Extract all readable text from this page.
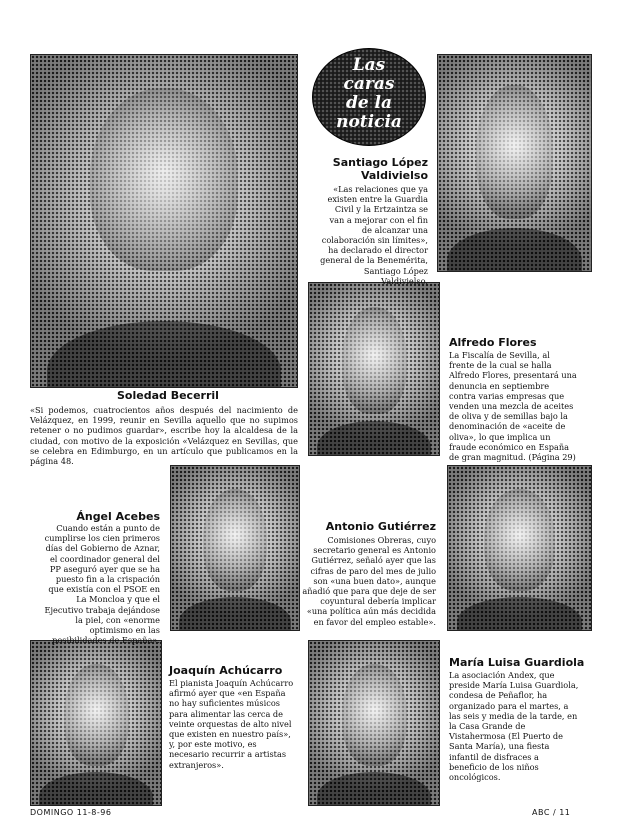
Las
caras
de la
noticia
Soledad Becerril

«Si podemos, cuatrocientos años después del nacimiento de Velázquez, en 1999, reunir en Sevilla aquello que no supimos retener o no pudimos guardar», escribe hoy la alcaldesa de la ciudad, con motivo de la exposición «Velázquez en Sevillas, que se celebra en Edimburgo, en un artículo que publicamos en la página 48.

Santiago López
Valdivielso

«Las relaciones que ya existen entre la Guardia Civil y la Ertzaintza se van a mejorar con el fin de alcanzar una colaboración sin límites», ha declarado el director general de la Benemérita, Santiago López Valdivielso.

Alfredo Flores

La Fiscalía de Sevilla, al frente de la cual se halla Alfredo Flores, presentará una denuncia en septiembre contra varias empresas que venden una mezcla de aceites de oliva y de semillas bajo la denominación de «aceite de oliva», lo que implica un fraude económico en España de gran magnitud. (Página 29)

Ángel Acebes

Cuando están a punto de cumplirse los cien primeros días del Gobierno de Aznar, el coordinador general del PP aseguró ayer que se ha puesto fin a la crispación que existía con el PSOE en La Moncloa y que el Ejecutivo trabaja dejándose la piel, con «enorme optimismo en las posibilidades de España».

Antonio Gutiérrez

Comisiones Obreras, cuyo secretario general es Antonio Gutiérrez, señaló ayer que las cifras de paro del mes de julio son «una buen dato», aunque añadió que para que deje de ser coyuntural debería implicar «una política aún más decidida en favor del empleo estable».

Joaquín Achúcarro

El pianista Joaquín Achúcarro afirmó ayer que «en España no hay suficientes músicos para alimentar las cerca de veinte orquestas de alto nivel que existen en nuestro país», y, por este motivo, es necesario recurrir a artistas extranjeros».

María Luisa Guardiola

La asociación Andex, que preside María Luisa Guardiola, condesa de Peñaflor, ha organizado para el martes, a las seis y media de la tarde, en la Casa Grande de Vistahermosa (El Puerto de Santa María), una fiesta infantil de disfraces a beneficio de los niños oncológicos.

DOMINGO 11-8-96	ABC / 11
